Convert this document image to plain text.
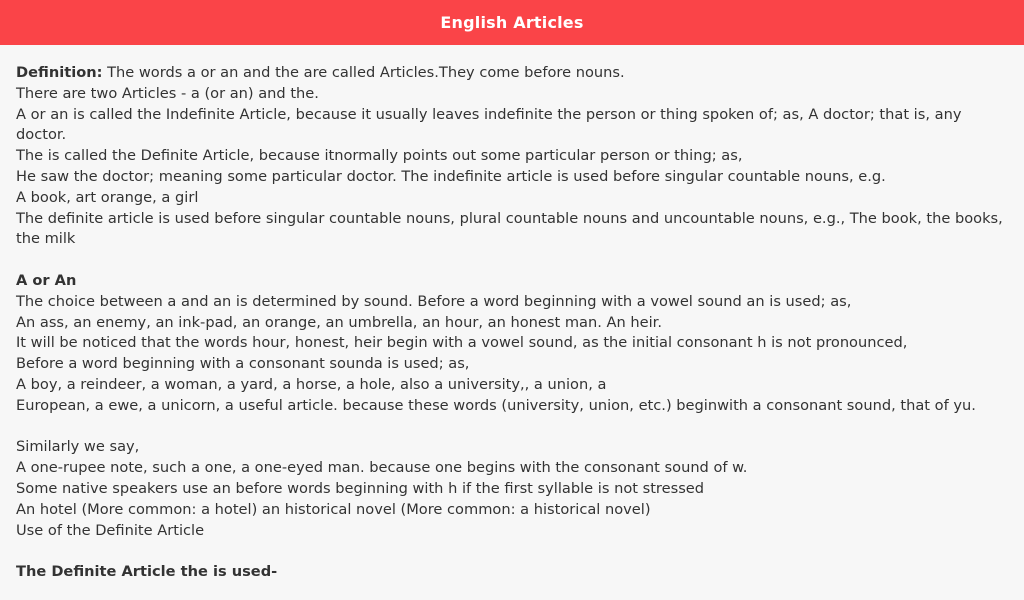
English Articles
Definition: The words a or an and the are called Articles.They come before nouns.
There are two Articles - a (or an) and the.
A or an is called the Indefinite Article, because it usually leaves indefinite the person or thing spoken of; as, A doctor; that is, any doctor.
The is called the Definite Article, because itnormally points out some particular person or thing; as,
He saw the doctor; meaning some particular doctor. The indefinite article is used before singular countable nouns, e.g.
A book, art orange, a girl
The definite article is used before singular countable nouns, plural countable nouns and uncountable nouns, e.g., The book, the books, the milk
A or An
The choice between a and an is determined by sound. Before a word beginning with a vowel sound an is used; as,
An ass, an enemy, an ink-pad, an orange, an umbrella, an hour, an honest man. An heir.
It will be noticed that the words hour, honest, heir begin with a vowel sound, as the initial consonant h is not pronounced,
Before a word beginning with a consonant sounda is used; as,
A boy, a reindeer, a woman, a yard, a horse, a hole, also a university,, a union, a
European, a ewe, a unicorn, a useful article. because these words (university, union, etc.) beginwith a consonant sound, that of yu.
Similarly we say,
A one-rupee note, such a one, a one-eyed man. because one begins with the consonant sound of w.
Some native speakers use an before words beginning with h if the first syllable is not stressed
An hotel (More common: a hotel) an historical novel (More common: a historical novel)
Use of the Definite Article
The Definite Article the is used-
